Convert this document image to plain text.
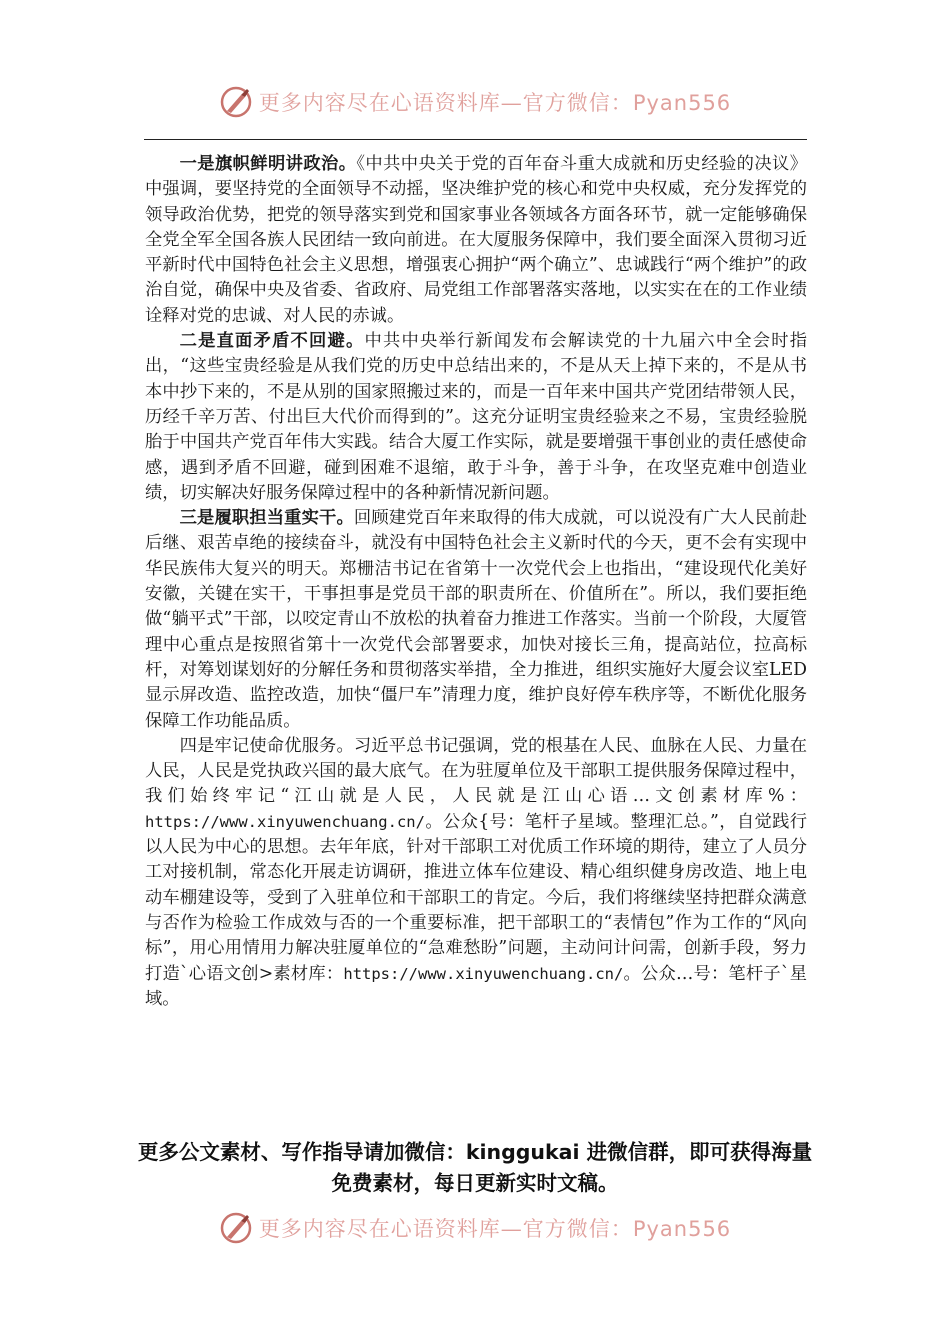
更多内容尽在心语资料库—官方微信：Pyan556

一是旗帜鲜明讲政治。《中共中央关于党的百年奋斗重大成就和历史经验的决议》中强调，要坚持党的全面领导不动摇，坚决维护党的核心和党中央权威，充分发挥党的领导政治优势，把党的领导落实到党和国家事业各领域各方面各环节，就一定能够确保全党全军全国各族人民团结一致向前进。在大厦服务保障中，我们要全面深入贯彻习近平新时代中国特色社会主义思想，增强衷心拥护“两个确立”、忠诚践行“两个维护”的政治自觉，确保中央及省委、省政府、局党组工作部署落实落地，以实实在在的工作业绩诠释对党的忠诚、对人民的赤诚。

二是直面矛盾不回避。中共中央举行新闻发布会解读党的十九届六中全会时指出，“这些宝贵经验是从我们党的历史中总结出来的，不是从天上掉下来的，不是从书本中抄下来的，不是从别的国家照搬过来的，而是一百年来中国共产党团结带领人民，历经千辛万苦、付出巨大代价而得到的”。这充分证明宝贵经验来之不易，宝贵经验脱胎于中国共产党百年伟大实践。结合大厦工作实际，就是要增强干事创业的责任感使命感，遇到矛盾不回避，碰到困难不退缩，敢于斗争，善于斗争，在攻坚克难中创造业绩，切实解决好服务保障过程中的各种新情况新问题。

三是履职担当重实干。回顾建党百年来取得的伟大成就，可以说没有广大人民前赴后继、艰苦卓绝的接续奋斗，就没有中国特色社会主义新时代的今天，更不会有实现中华民族伟大复兴的明天。郑栅洁书记在省第十一次党代会上也指出，“建设现代化美好安徽，关键在实干，干事担事是党员干部的职责所在、价值所在”。所以，我们要拒绝做“躺平式”干部，以咬定青山不放松的执着奋力推进工作落实。当前一个阶段，大厦管理中心重点是按照省第十一次党代会部署要求，加快对接长三角，提高站位，拉高标杆，对筹划谋划好的分解任务和贯彻落实举措，全力推进，组织实施好大厦会议室LED显示屏改造、监控改造，加快“僵尸车”清理力度，维护良好停车秩序等，不断优化服务保障工作功能品质。

四是牢记使命优服务。习近平总书记强调，党的根基在人民、血脉在人民、力量在人民，人民是党执政兴国的最大底气。在为驻厦单位及干部职工提供服务保障过程中，我们始终牢记“江山就是人民，人民就是江山心语…文创素材库%：https://www.xinyuwenchuang.cn/。公众{号：笔杆子星域。整理汇总。”，自觉践行以人民为中心的思想。去年年底，针对干部职工对优质工作环境的期待，建立了人员分工对接机制，常态化开展走访调研，推进立体车位建设、精心组织健身房改造、地上电动车棚建设等，受到了入驻单位和干部职工的肯定。今后，我们将继续坚持把群众满意与否作为检验工作成效与否的一个重要标准，把干部职工的“表情包”作为工作的“风向标”，用心用情用力解决驻厦单位的“急难愁盼”问题，主动问计问需，创新手段，努力打造`心语文创>素材库：https://www.xinyuwenchuang.cn/。公众…号：笔杆子`星域。

更多公文素材、写作指导请加微信：kinggukai 进微信群，即可获得海量免费素材，每日更新实时文稿。
更多内容尽在心语资料库—官方微信：Pyan556
